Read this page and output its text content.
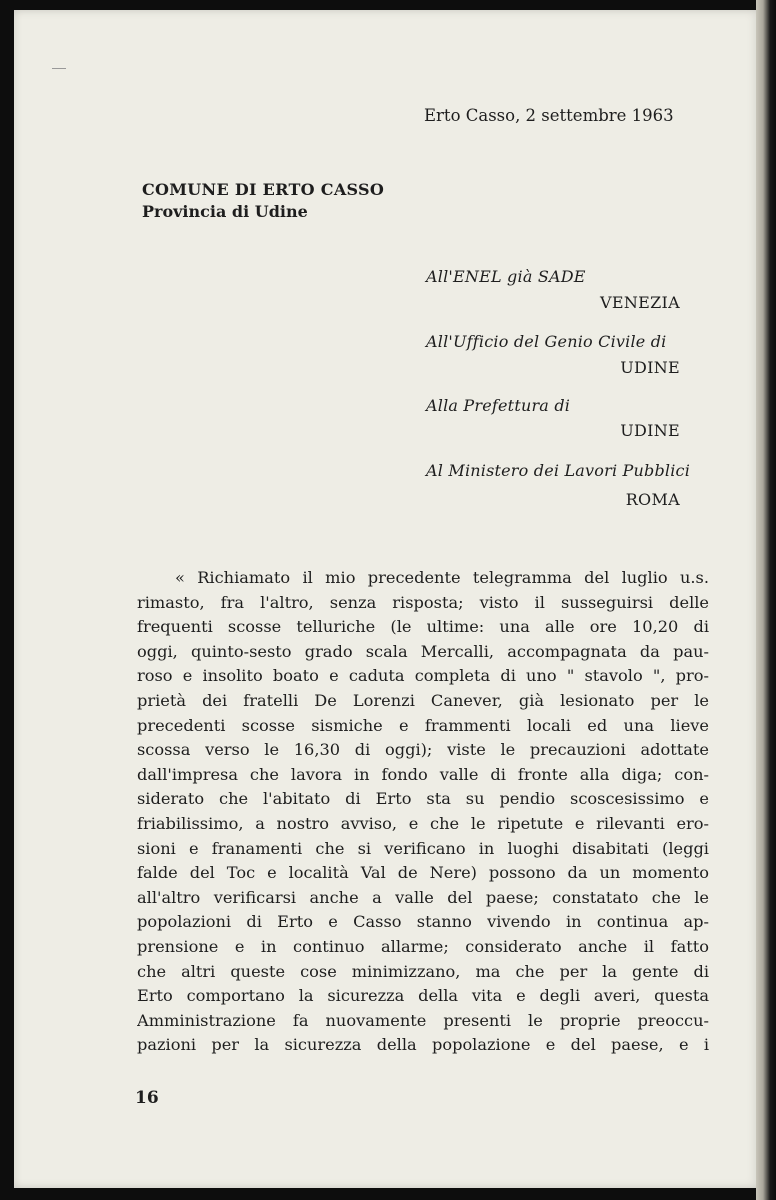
Erto Casso, 2 settembre 1963
COMUNE DI ERTO CASSO
Provincia di Udine
All'ENEL già SADE
VENEZIA
All'Ufficio del Genio Civile di
UDINE
Alla Prefettura di
UDINE
Al Ministero dei Lavori Pubblici
ROMA
« Richiamato il mio precedente telegramma del luglio u.s.
rimasto, fra l'altro, senza risposta; visto il susseguirsi delle
frequenti scosse telluriche (le ultime: una alle ore 10,20 di
oggi, quinto-sesto grado scala Mercalli, accompagnata da pau-
roso e insolito boato e caduta completa di uno " stavolo ", pro-
prietà dei fratelli De Lorenzi Canever, già lesionato per le
precedenti scosse sismiche e frammenti locali ed una lieve
scossa verso le 16,30 di oggi); viste le precauzioni adottate
dall'impresa che lavora in fondo valle di fronte alla diga; con-
siderato che l'abitato di Erto sta su pendio scoscesissimo e
friabilissimo, a nostro avviso, e che le ripetute e rilevanti ero-
sioni e franamenti che si verificano in luoghi disabitati (leggi
falde del Toc e località Val de Nere) possono da un momento
all'altro verificarsi anche a valle del paese; constatato che le
popolazioni di Erto e Casso stanno vivendo in continua ap-
prensione e in continuo allarme; considerato anche il fatto
che altri queste cose minimizzano, ma che per la gente di
Erto comportano la sicurezza della vita e degli averi, questa
Amministrazione fa nuovamente presenti le proprie preoccu-
pazioni per la sicurezza della popolazione e del paese, e i
16
